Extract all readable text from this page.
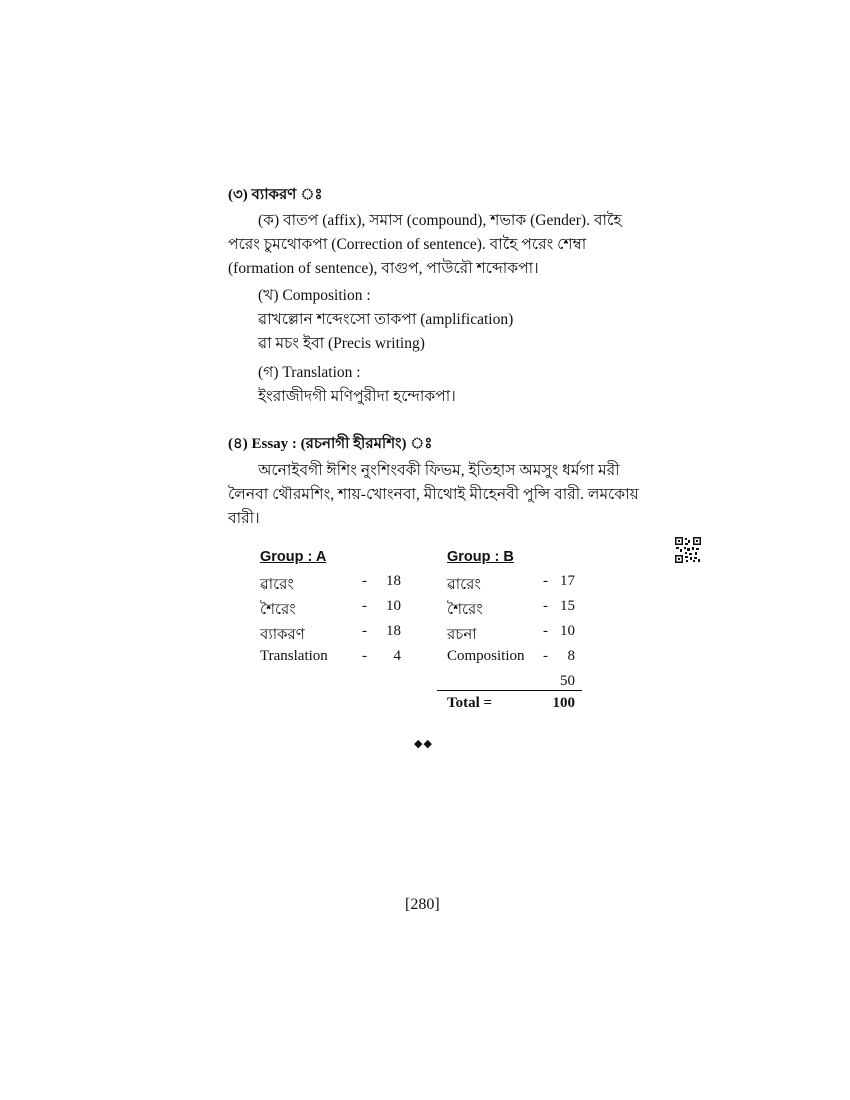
(৩) ব্যাকরণ ঃ
(ক) বাতপ (affix), সমাস (compound), শভাক (Gender). বাহৈ
পরেং চুমথোকপা (Correction of sentence). বাহৈ পরেং শেম্বা
(formation of sentence), বাগুপ, পাউরৌ শব্দোকপা।
(খ) Composition :
ৱাখল্লোন শব্দেংসো তাকপা (amplification)
ৱা মচং ইবা (Precis writing)
(গ) Translation :
ইংরাজীদগী মণিপুরীদা হন্দোকপা।
(৪) Essay : (রচনাগী হীরমশিং) ঃ
অনোইবগী ঈশিং নুংশিংবকী ফিভম, ইতিহাস অমসুং ধর্মগা মরী
লৈনবা থৌরমশিং, শায়-খোংনবা, মীথোই মীহেনবী পুন্সি বারী. লমকোয়
বারী।
Group : A
ৱারেং	-	18
শৈরেং	-	10
ব্যাকরণ	-	18
Translation -	4
Group : B
ৱারেং	- 17
শৈরেং	- 15
রচনা	- 10
Composition -	8
50
Total =	100
◆◆
[280]
